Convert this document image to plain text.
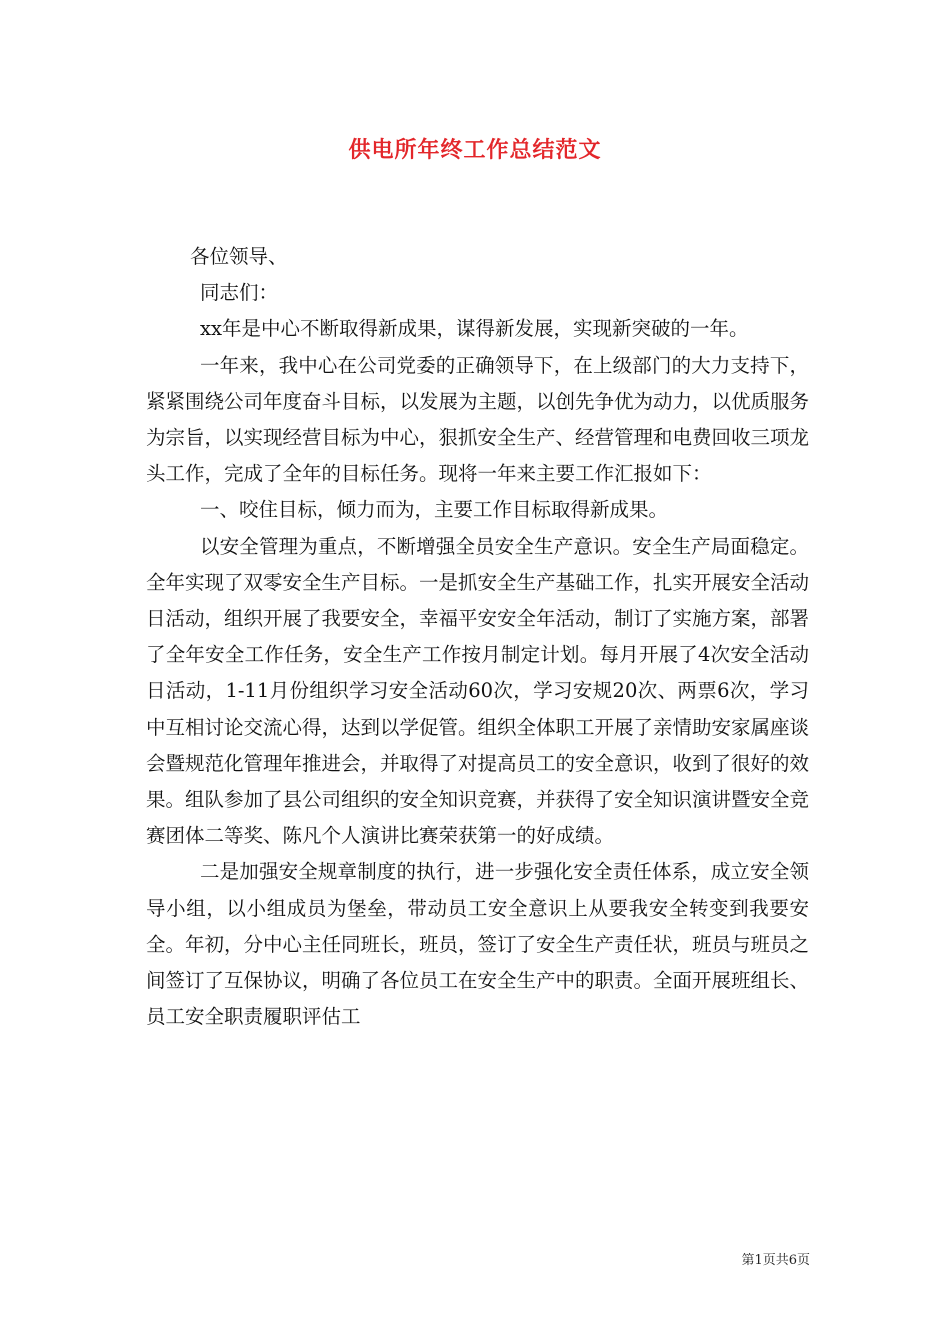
供电所年终工作总结范文

各位领导、

同志们：

xx年是中心不断取得新成果，谋得新发展，实现新突破的一年。

一年来，我中心在公司党委的正确领导下，在上级部门的大力支持下，紧紧围绕公司年度奋斗目标，以发展为主题，以创先争优为动力，以优质服务为宗旨，以实现经营目标为中心，狠抓安全生产、经营管理和电费回收三项龙头工作，完成了全年的目标任务。现将一年来主要工作汇报如下：

一、咬住目标，倾力而为，主要工作目标取得新成果。

以安全管理为重点，不断增强全员安全生产意识。安全生产局面稳定。全年实现了双零安全生产目标。一是抓安全生产基础工作，扎实开展安全活动日活动，组织开展了我要安全，幸福平安安全年活动，制订了实施方案，部署了全年安全工作任务，安全生产工作按月制定计划。每月开展了4次安全活动日活动，1-11月份组织学习安全活动60次，学习安规20次、两票6次，学习中互相讨论交流心得，达到以学促管。组织全体职工开展了亲情助安家属座谈会暨规范化管理年推进会，并取得了对提高员工的安全意识，收到了很好的效果。组队参加了县公司组织的安全知识竞赛，并获得了安全知识演讲暨安全竞赛团体二等奖、陈凡个人演讲比赛荣获第一的好成绩。

二是加强安全规章制度的执行，进一步强化安全责任体系，成立安全领导小组，以小组成员为堡垒，带动员工安全意识上从要我安全转变到我要安全。年初，分中心主任同班长，班员，签订了安全生产责任状，班员与班员之间签订了互保协议，明确了各位员工在安全生产中的职责。全面开展班组长、员工安全职责履职评估工

第1页共6页
